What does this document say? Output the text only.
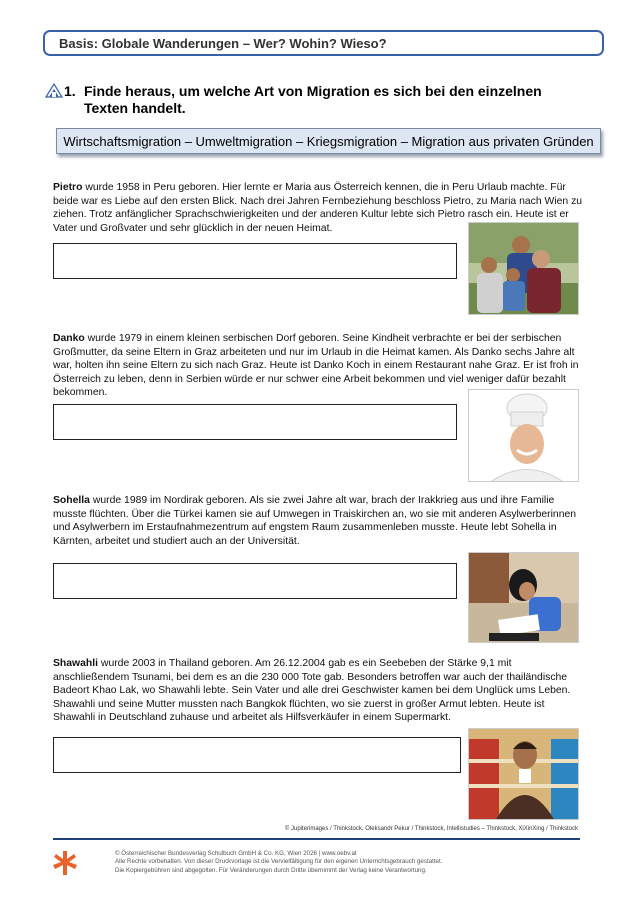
Basis: Globale Wanderungen – Wer? Wohin? Wieso?
1. Finde heraus, um welche Art von Migration es sich bei den einzelnen Texten handelt.
Wirtschaftsmigration – Umweltmigration – Kriegsmigration – Migration aus privaten Gründen
Pietro wurde 1958 in Peru geboren. Hier lernte er Maria aus Österreich kennen, die in Peru Urlaub machte. Für beide war es Liebe auf den ersten Blick. Nach drei Jahren Fernbeziehung beschloss Pietro, zu Maria nach Wien zu ziehen. Trotz anfänglicher Sprachschwierigkeiten und der anderen Kultur lebte sich Pietro rasch ein. Heute ist er Vater und Großvater und sehr glücklich in der neuen Heimat.
Danko wurde 1979 in einem kleinen serbischen Dorf geboren. Seine Kindheit verbrachte er bei der serbischen Großmutter, da seine Eltern in Graz arbeiteten und nur im Urlaub in die Heimat kamen. Als Danko sechs Jahre alt war, holten ihn seine Eltern zu sich nach Graz. Heute ist Danko Koch in einem Restaurant nahe Graz. Er ist froh in Österreich zu leben, denn in Serbien würde er nur schwer eine Arbeit bekommen und viel weniger dafür bezahlt bekommen.
Sohella wurde 1989 im Nordirak geboren. Als sie zwei Jahre alt war, brach der Irakkrieg aus und ihre Familie musste flüchten. Über die Türkei kamen sie auf Umwegen in Traiskirchen an, wo sie mit anderen Asylwerberinnen und Asylwerbern im Erstaufnahmezentrum auf engstem Raum zusammenleben musste. Heute lebt Sohella in Kärnten, arbeitet und studiert auch an der Universität.
Shawahli wurde 2003 in Thailand geboren. Am 26.12.2004 gab es ein Seebeben der Stärke 9,1 mit anschließendem Tsunami, bei dem es an die 230 000 Tote gab. Besonders betroffen war auch der thailändische Badeort Khao Lak, wo Shawahli lebte. Sein Vater und alle drei Geschwister kamen bei dem Unglück ums Leben. Shawahli und seine Mutter mussten nach Bangkok flüchten, wo sie zuerst in großer Armut lebten. Heute ist Shawahli in Deutschland zuhause und arbeitet als Hilfsverkäufer in einem Supermarkt.
© Jupiterimages / Thinkstock, Oleksandr Pekur / Thinkstock, Intellistudies – Thinkstock, XiXinXing / Thinkstock
© Österreichischer Bundesverlag Schulbuch GmbH & Co. KG, Wien 2026 | www.oebv.at
Alle Rechte vorbehalten. Von dieser Druckvorlage ist die Vervielfältigung für den eigenen Unterrichtsgebrauch gestattet.
Die Kopiergebühren sind abgegolten. Für Veränderungen durch Dritte übernimmt der Verlag keine Verantwortung.
